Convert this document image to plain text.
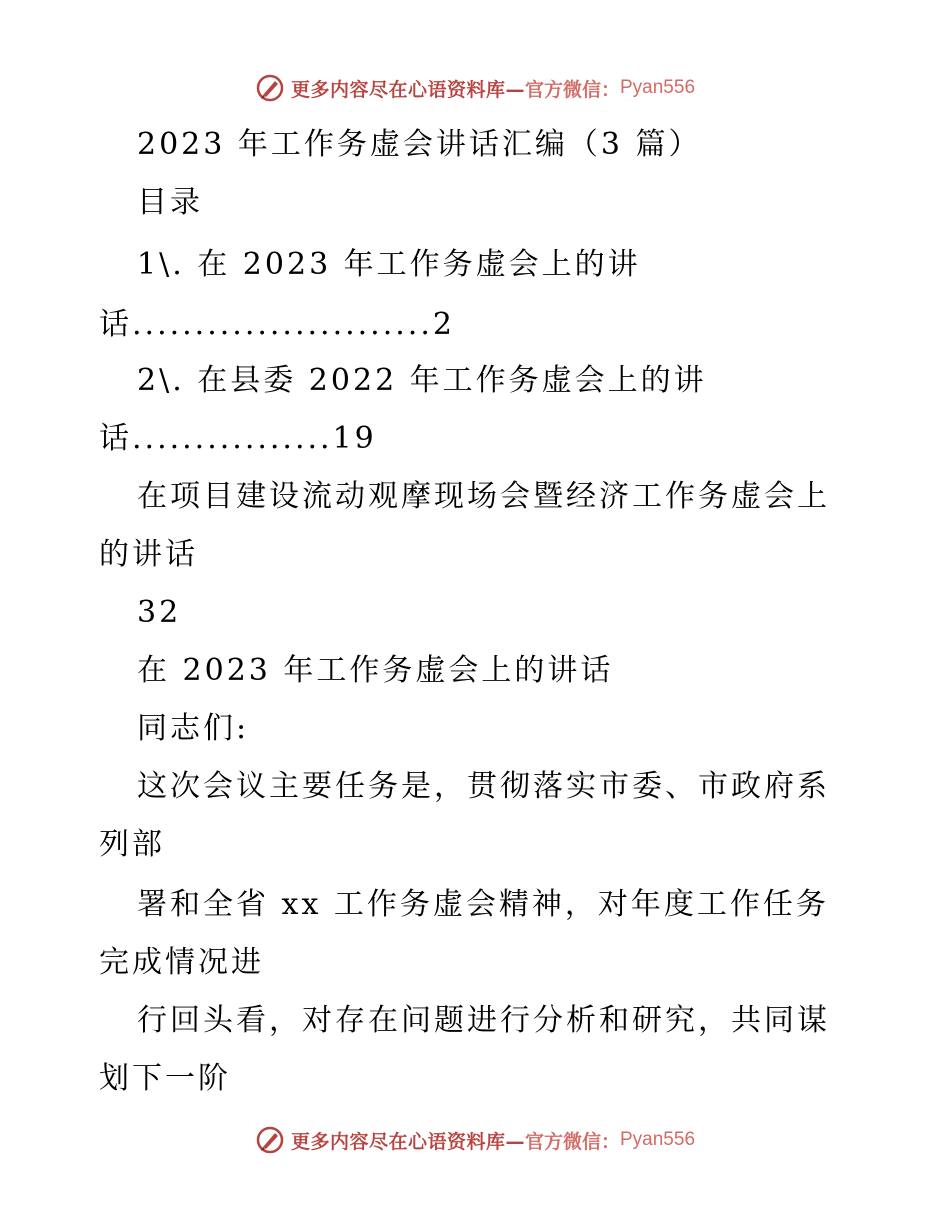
更多内容尽在心语资料库— 官方微信： Pyan556
2023 年工作务虚会讲话汇编（3 篇）
目录
1\. 在 2023 年工作务虚会上的讲
话........................2
2\. 在县委 2022 年工作务虚会上的讲
话................19
在项目建设流动观摩现场会暨经济工作务虚会上
的讲话
32
在 2023 年工作务虚会上的讲话
同志们:
这次会议主要任务是，贯彻落实市委、市政府系
列部
署和全省 xx 工作务虚会精神，对年度工作任务
完成情况进
行回头看，对存在问题进行分析和研究，共同谋
划下一阶
更多内容尽在心语资料库— 官方微信： Pyan556
